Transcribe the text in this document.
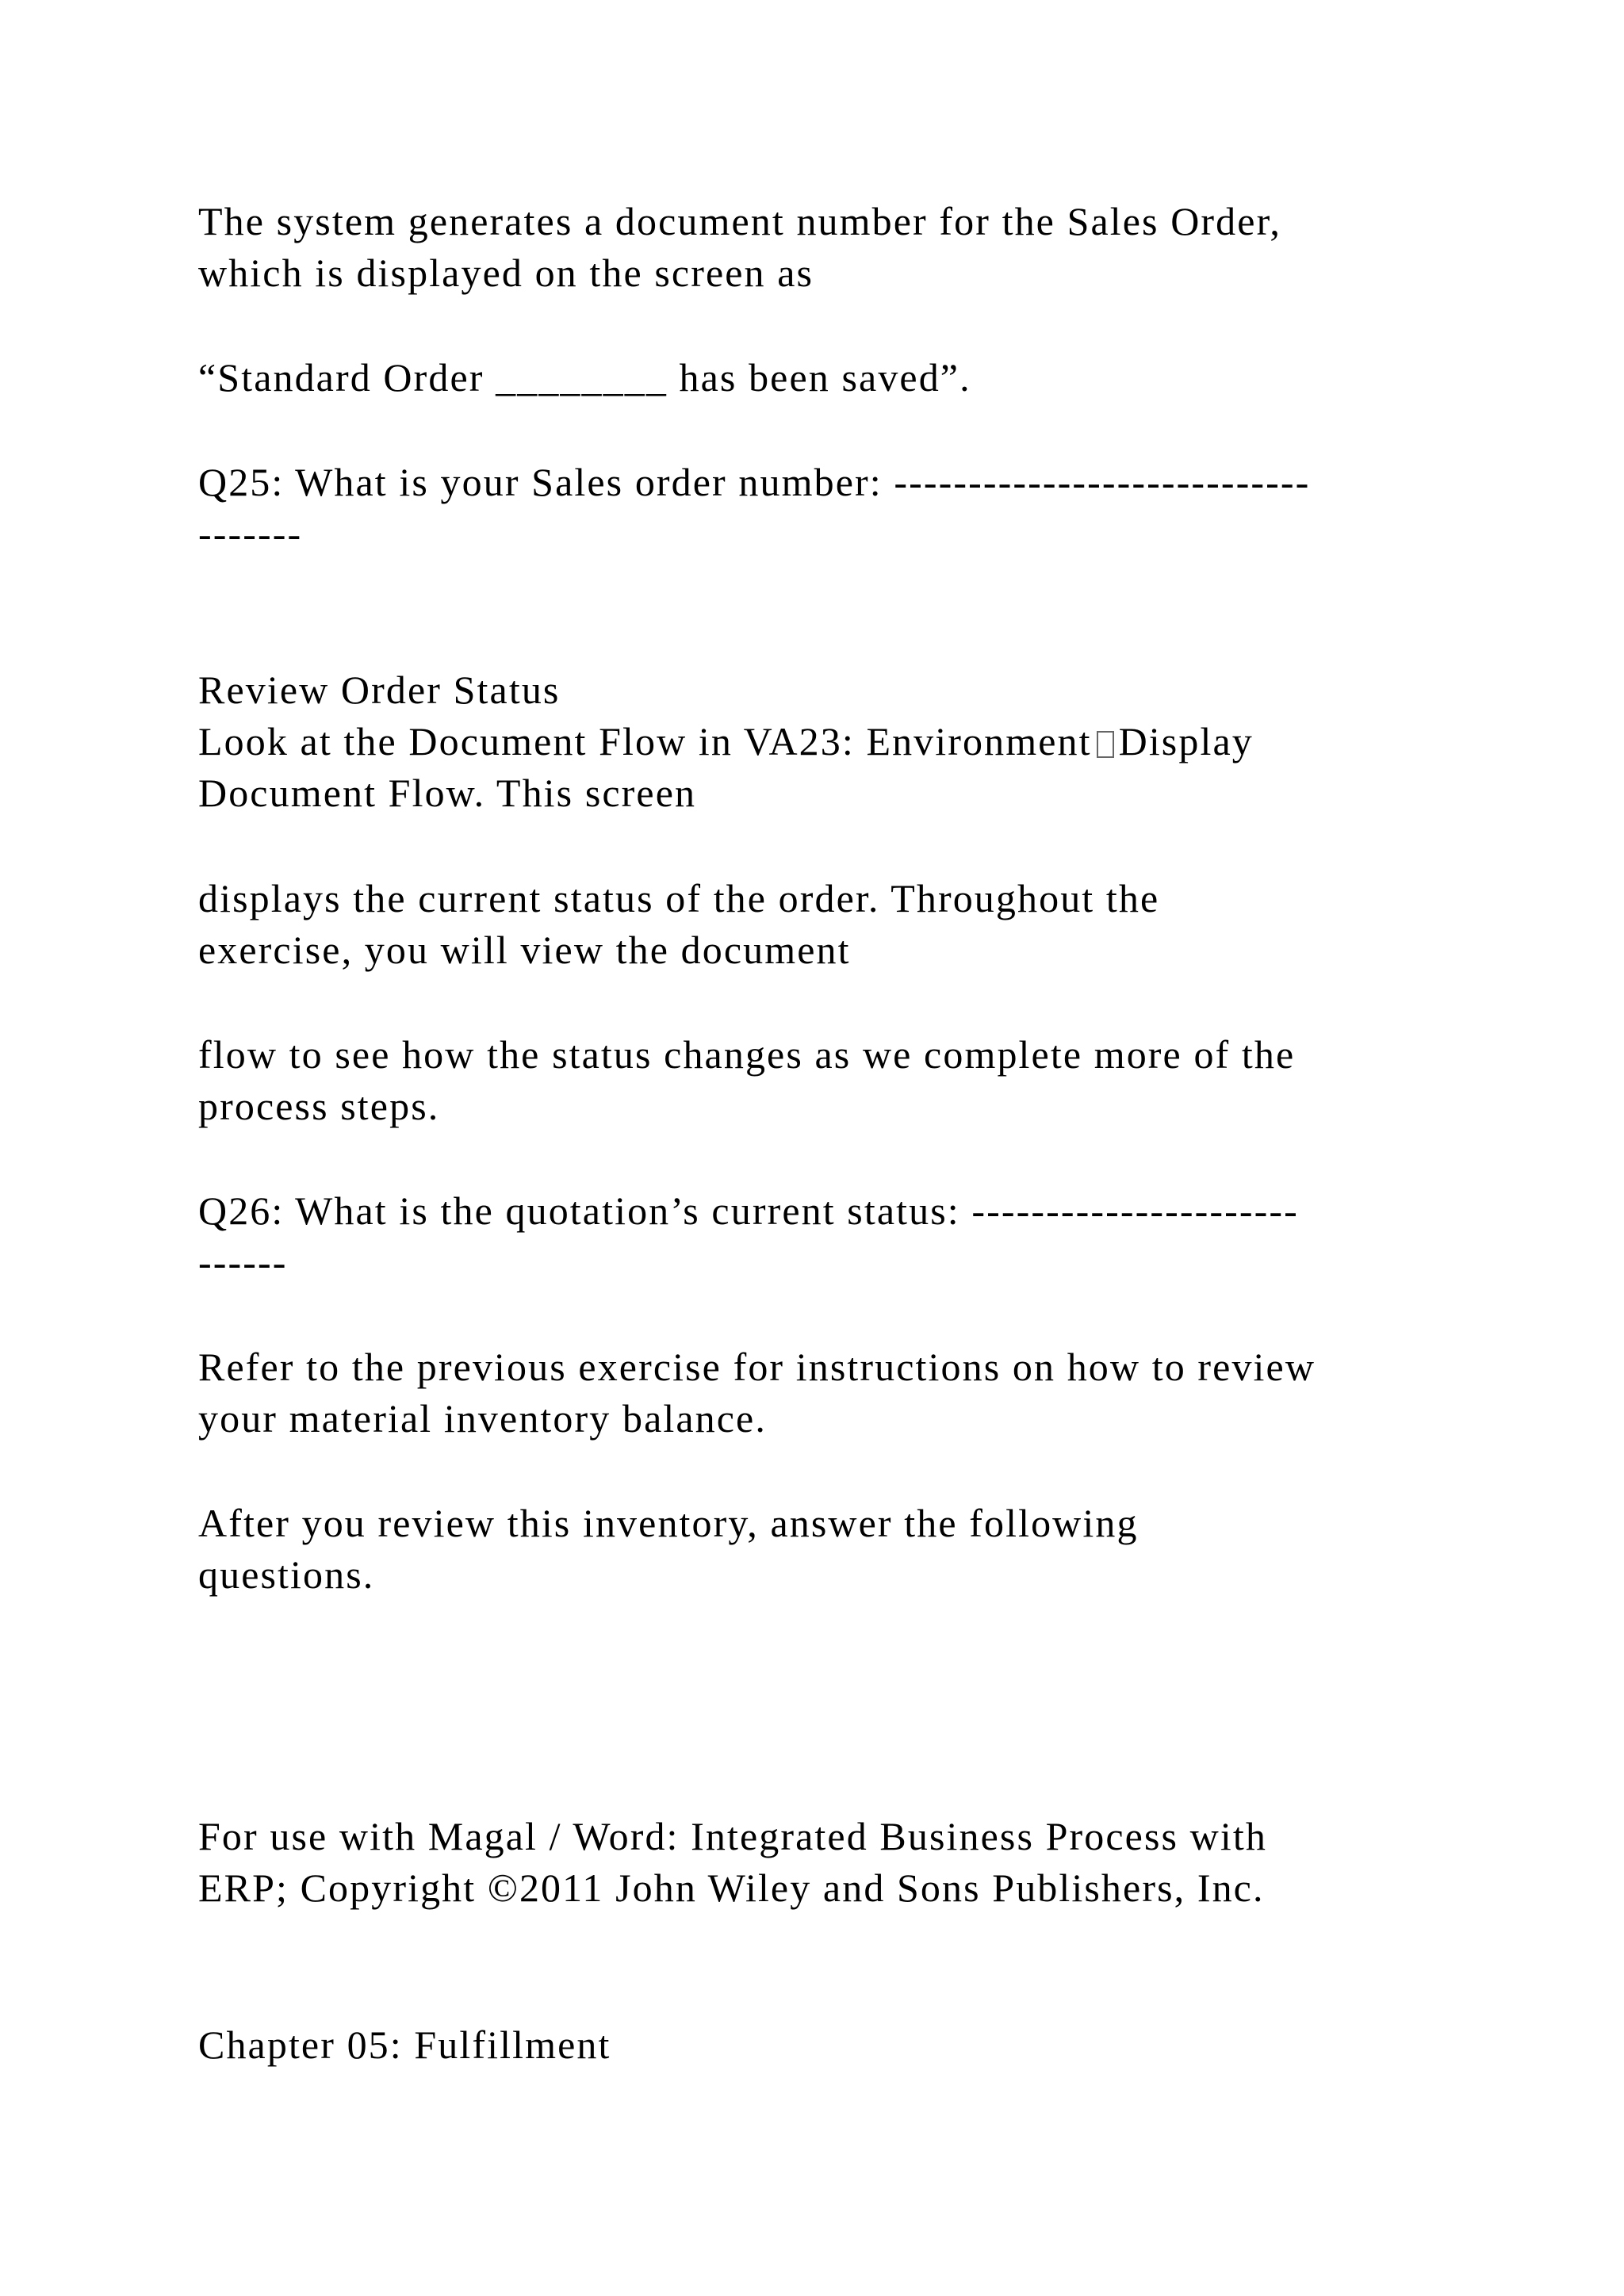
The system generates a document number for the Sales Order,
which is displayed on the screen as

“Standard Order ________ has been saved”.

Q25: What is your Sales order number: ----------------------------
-------

Review Order Status
Look at the Document Flow in VA23: Environment Display
Document Flow. This screen

displays the current status of the order. Throughout the
exercise, you will view the document

flow to see how the status changes as we complete more of the
process steps.

Q26: What is the quotation’s current status: ----------------------
------

Refer to the previous exercise for instructions on how to review
your material inventory balance.

After you review this inventory, answer the following
questions.

For use with Magal / Word: Integrated Business Process with
ERP; Copyright ©2011 John Wiley and Sons Publishers, Inc.

Chapter 05: Fulfillment
